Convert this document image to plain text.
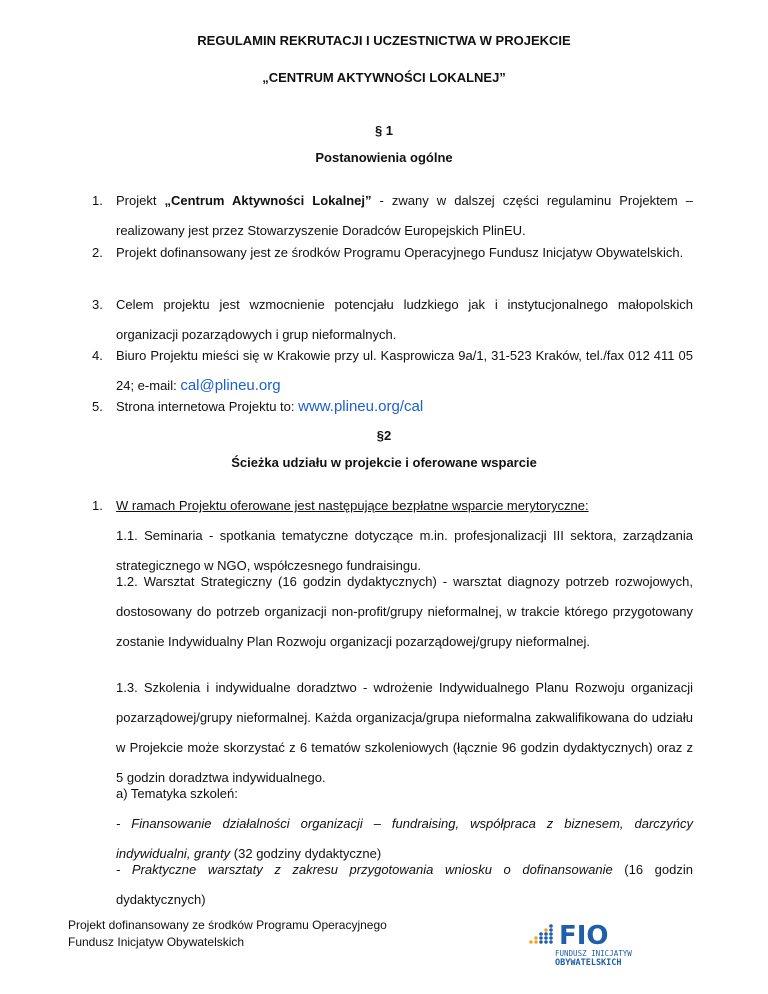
REGULAMIN REKRUTACJI I UCZESTNICTWA W PROJEKCIE
„CENTRUM AKTYWNOŚCI LOKALNEJ”
§ 1
Postanowienia ogólne
1. Projekt „Centrum Aktywności Lokalnej” - zwany w dalszej części regulaminu Projektem – realizowany jest przez Stowarzyszenie Doradców Europejskich PlinEU.
2. Projekt dofinansowany jest ze środków Programu Operacyjnego Fundusz Inicjatyw Obywatelskich.
3. Celem projektu jest wzmocnienie potencjału ludzkiego jak i instytucjonalnego małopolskich organizacji pozarządowych i grup nieformalnych.
4. Biuro Projektu mieści się w Krakowie przy ul. Kasprowicza 9a/1, 31-523 Kraków, tel./fax 012 411 05 24; e-mail: cal@plineu.org
5. Strona internetowa Projektu to: www.plineu.org/cal
§2
Ścieżka udziału w projekcie i oferowane wsparcie
1. W ramach Projektu oferowane jest następujące bezpłatne wsparcie merytoryczne:
1.1. Seminaria - spotkania tematyczne dotyczące m.in. profesjonalizacji III sektora, zarządzania strategicznego w NGO, współczesnego fundraisingu.
1.2. Warsztat Strategiczny (16 godzin dydaktycznych) - warsztat diagnozy potrzeb rozwojowych, dostosowany do potrzeb organizacji non-profit/grupy nieformalnej, w trakcie którego przygotowany zostanie Indywidualny Plan Rozwoju organizacji pozarządowej/grupy nieformalnej.
1.3. Szkolenia i indywidualne doradztwo - wdrożenie Indywidualnego Planu Rozwoju organizacji pozarządowej/grupy nieformalnej. Każda organizacja/grupa nieformalna zakwalifikowana do udziału w Projekcie może skorzystać z 6 tematów szkoleniowych (łącznie 96 godzin dydaktycznych) oraz z 5 godzin doradztwa indywidualnego.
a) Tematyka szkoleń:
- Finansowanie działalności organizacji – fundraising, współpraca z biznesem, darczyńcy indywidualni, granty (32 godziny dydaktyczne)
- Praktyczne warsztaty z zakresu przygotowania wniosku o dofinansowanie (16 godzin dydaktycznych)
Projekt dofinansowany ze środków Programu Operacyjnego
Fundusz Inicjatyw Obywatelskich	FIO
FUNDUSZ INICJATYW
OBYWATELSKICH
